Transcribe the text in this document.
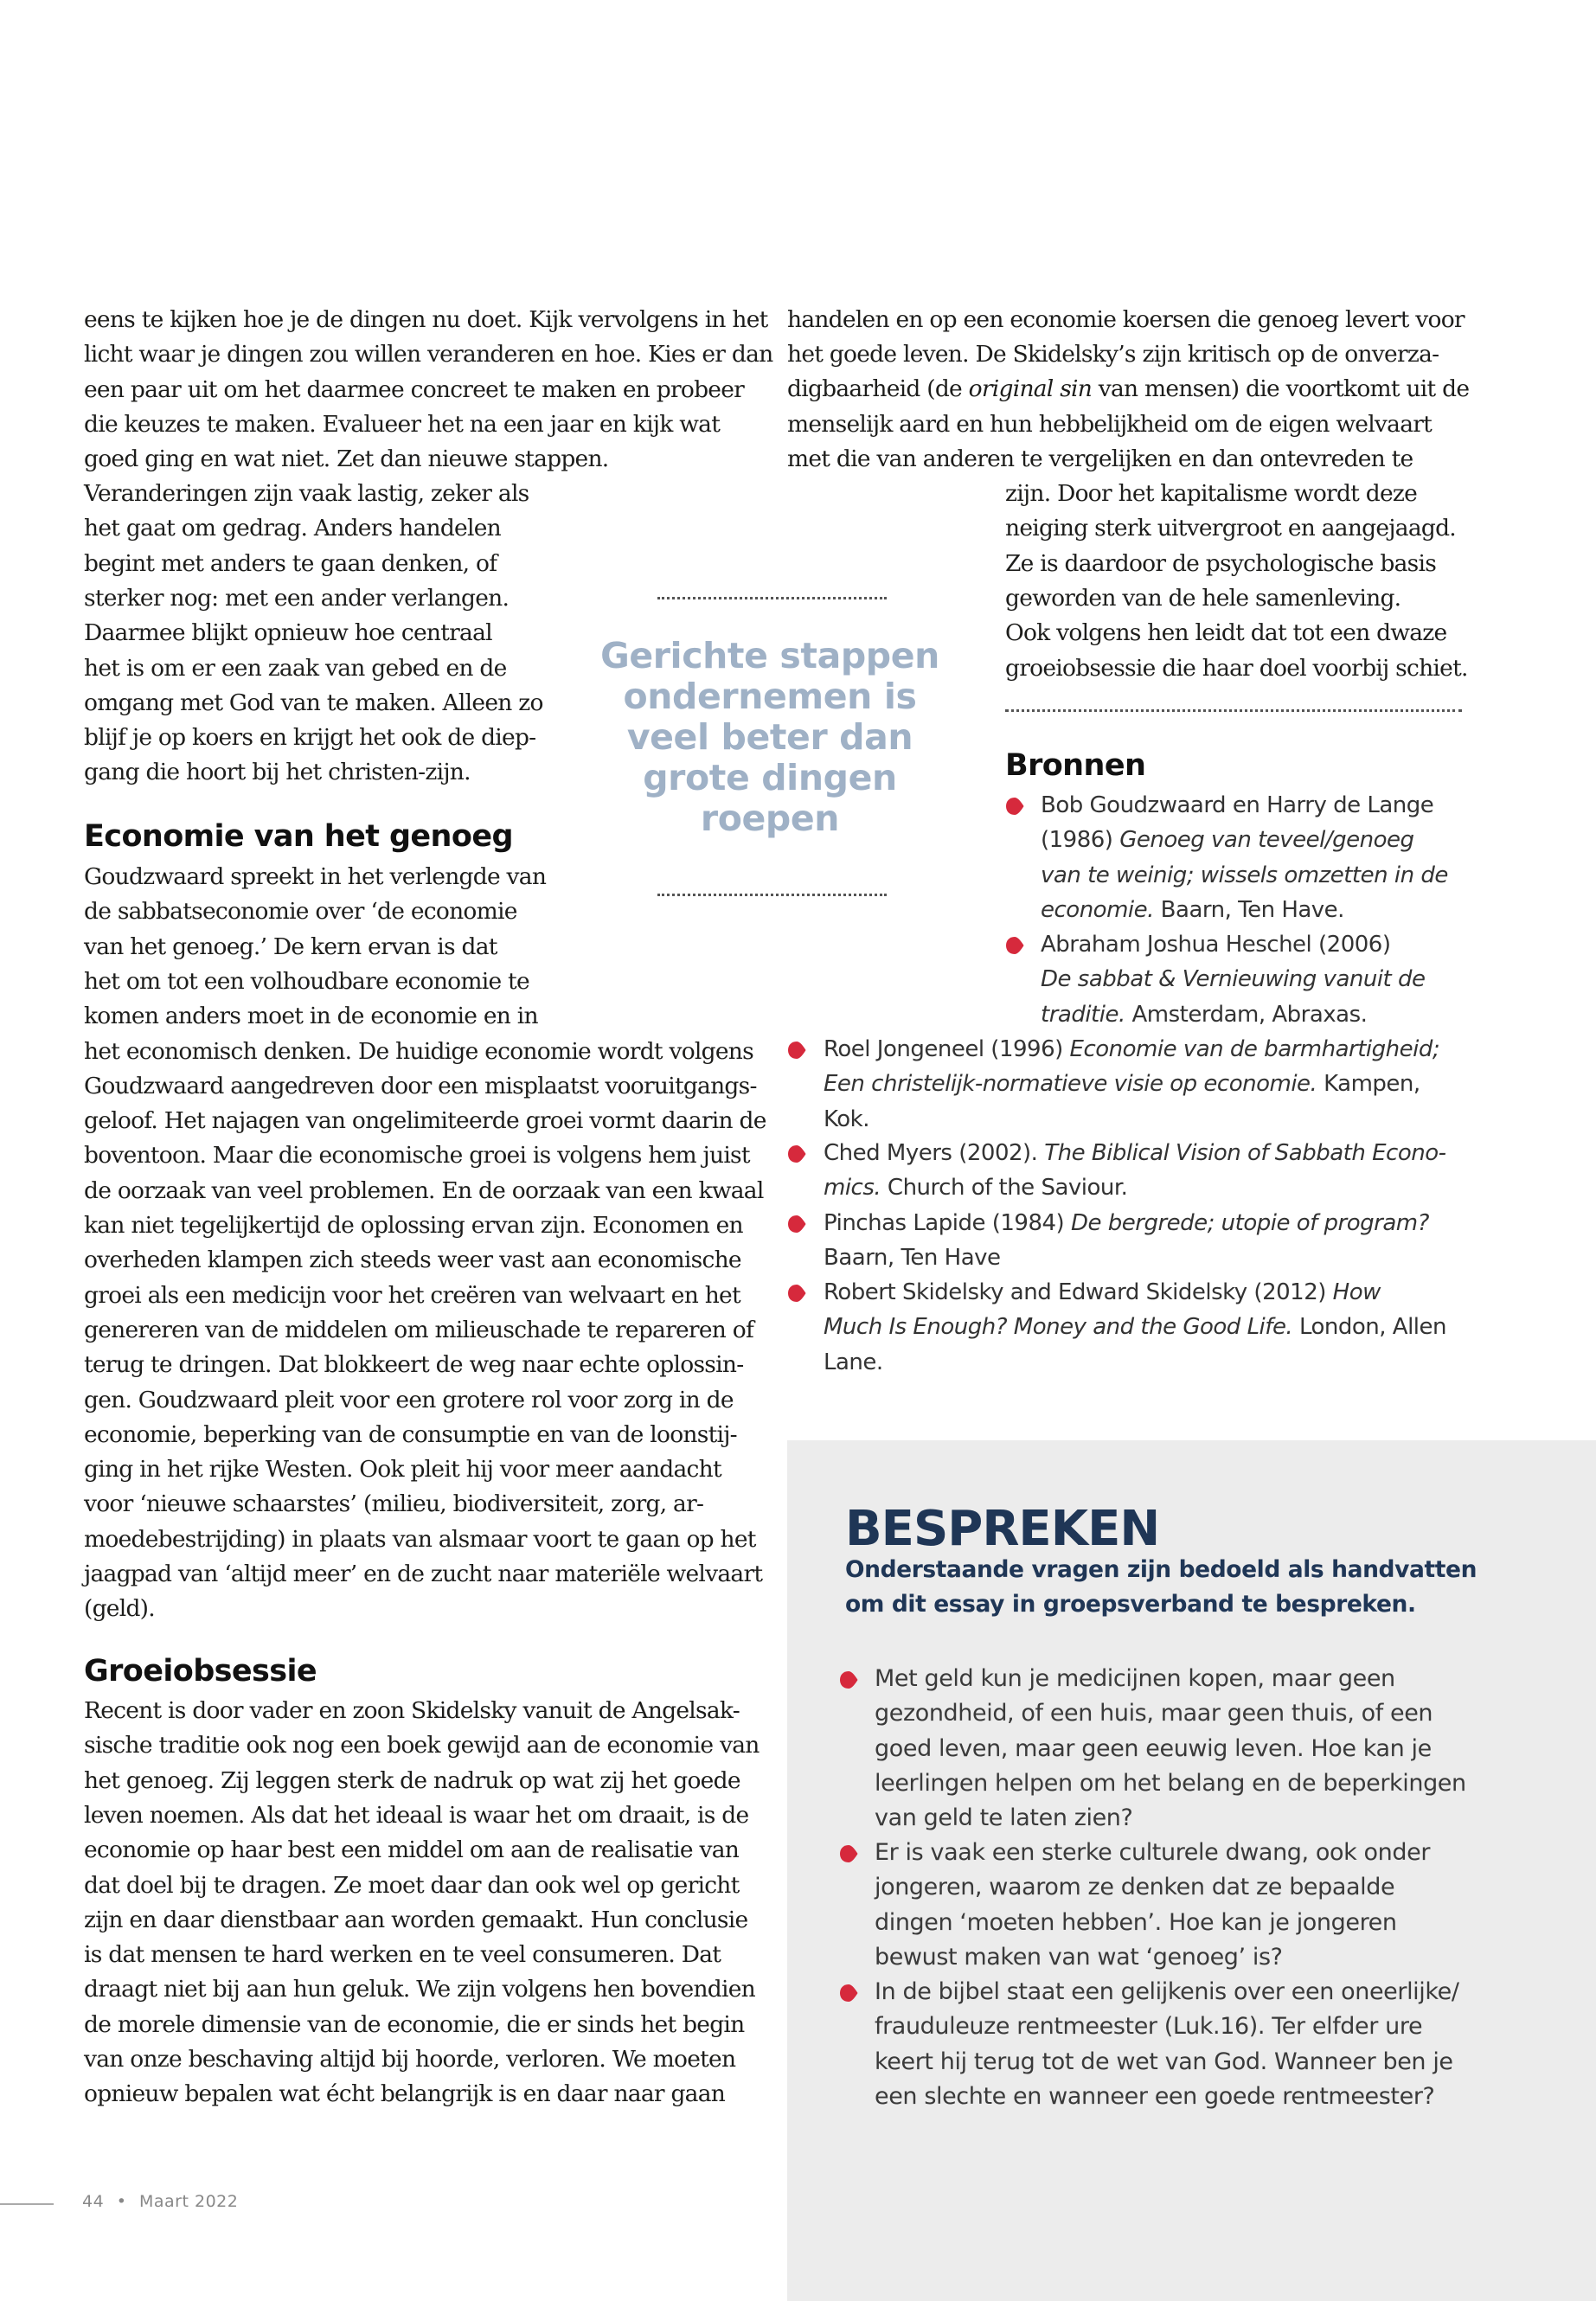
eens te kijken hoe je de dingen nu doet. Kijk vervolgens in het
licht waar je dingen zou willen veranderen en hoe. Kies er dan
een paar uit om het daarmee concreet te maken en probeer
die keuzes te maken. Evalueer het na een jaar en kijk wat
goed ging en wat niet. Zet dan nieuwe stappen.
Veranderingen zijn vaak lastig, zeker als
het gaat om gedrag. Anders handelen
begint met anders te gaan denken, of
sterker nog: met een ander verlangen.
Daarmee blijkt opnieuw hoe centraal
het is om er een zaak van gebed en de
omgang met God van te maken. Alleen zo
blijf je op koers en krijgt het ook de diep-
gang die hoort bij het christen-zijn.
Economie van het genoeg
Goudzwaard spreekt in het verlengde van
de sabbatseconomie over ‘de economie
van het genoeg.’ De kern ervan is dat
het om tot een volhoudbare economie te
komen anders moet in de economie en in
het economisch denken. De huidige economie wordt volgens
Goudzwaard aangedreven door een misplaatst vooruitgangs-
geloof. Het najagen van ongelimiteerde groei vormt daarin de
boventoon. Maar die economische groei is volgens hem juist
de oorzaak van veel problemen. En de oorzaak van een kwaal
kan niet tegelijkertijd de oplossing ervan zijn. Economen en
overheden klampen zich steeds weer vast aan economische
groei als een medicijn voor het creëren van welvaart en het
genereren van de middelen om milieuschade te repareren of
terug te dringen. Dat blokkeert de weg naar echte oplossin-
gen. Goudzwaard pleit voor een grotere rol voor zorg in de
economie, beperking van de consumptie en van de loonstij-
ging in het rijke Westen. Ook pleit hij voor meer aandacht
voor ‘nieuwe schaarstes’ (milieu, biodiversiteit, zorg, ar-
moedebestrijding) in plaats van alsmaar voort te gaan op het
jaagpad van ‘altijd meer’ en de zucht naar materiële welvaart
(geld).
Groeiobsessie
Recent is door vader en zoon Skidelsky vanuit de Angelsak-
sische traditie ook nog een boek gewijd aan de economie van
het genoeg. Zij leggen sterk de nadruk op wat zij het goede
leven noemen. Als dat het ideaal is waar het om draait, is de
economie op haar best een middel om aan de realisatie van
dat doel bij te dragen. Ze moet daar dan ook wel op gericht
zijn en daar dienstbaar aan worden gemaakt. Hun conclusie
is dat mensen te hard werken en te veel consumeren. Dat
draagt niet bij aan hun geluk. We zijn volgens hen bovendien
de morele dimensie van de economie, die er sinds het begin
van onze beschaving altijd bij hoorde, verloren. We moeten
opnieuw bepalen wat écht belangrijk is en daar naar gaan
handelen en op een economie koersen die genoeg levert voor
het goede leven. De Skidelsky’s zijn kritisch op de onverza-
digbaarheid (de original sin van mensen) die voortkomt uit de
menselijk aard en hun hebbelijkheid om de eigen welvaart
met die van anderen te vergelijken en dan ontevreden te
zijn. Door het kapitalisme wordt deze
neiging sterk uitvergroot en aangejaagd.
Ze is daardoor de psychologische basis
geworden van de hele samenleving.
Ook volgens hen leidt dat tot een dwaze
groeiobsessie die haar doel voorbij schiet.
Gerichte stappen
ondernemen is
veel beter dan
grote dingen
roepen
Bronnen
Bob Goudzwaard en Harry de Lange
(1986) Genoeg van teveel/genoeg
van te weinig; wissels omzetten in de
economie. Baarn, Ten Have.
Abraham Joshua Heschel (2006)
De sabbat & Vernieuwing vanuit de
traditie. Amsterdam, Abraxas.
Roel Jongeneel (1996) Economie van de barmhartigheid;
Een christelijk-normatieve visie op economie. Kampen,
Kok.
Ched Myers (2002). The Biblical Vision of Sabbath Econo-
mics. Church of the Saviour.
Pinchas Lapide (1984) De bergrede; utopie of program?
Baarn, Ten Have
Robert Skidelsky and Edward Skidelsky (2012) How
Much Is Enough? Money and the Good Life. London, Allen
Lane.
BESPREKEN
Onderstaande vragen zijn bedoeld als handvatten
om dit essay in groepsverband te bespreken.
Met geld kun je medicijnen kopen, maar geen
gezondheid, of een huis, maar geen thuis, of een
goed leven, maar geen eeuwig leven. Hoe kan je
leerlingen helpen om het belang en de beperkingen
van geld te laten zien?
Er is vaak een sterke culturele dwang, ook onder
jongeren, waarom ze denken dat ze bepaalde
dingen ‘moeten hebben’. Hoe kan je jongeren
bewust maken van wat ‘genoeg’ is?
In de bijbel staat een gelijkenis over een oneerlijke/
frauduleuze rentmeester (Luk.16). Ter elfder ure
keert hij terug tot de wet van God. Wanneer ben je
een slechte en wanneer een goede rentmeester?
44 • Maart 2022
